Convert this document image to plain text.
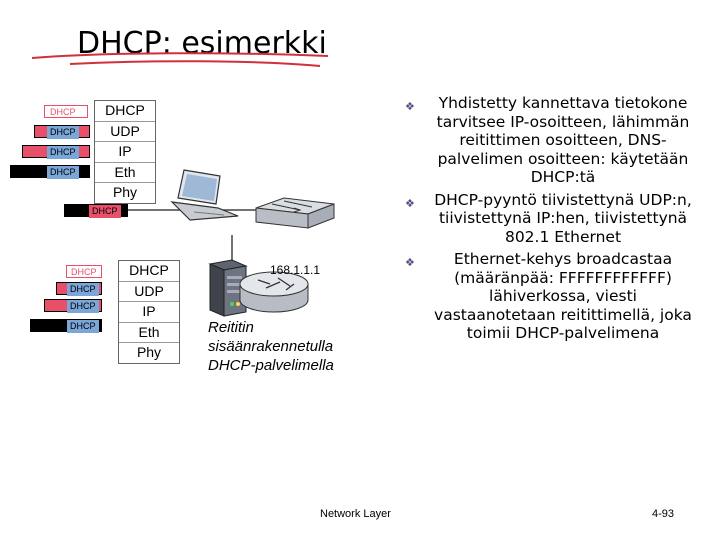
DHCP: esimerkki
DHCP
DHCP
DHCP
DHCP
DHCP
UDP
IP
Eth
Phy
DHCP
DHCP
DHCP
DHCP
DHCP
DHCP
UDP
IP
Eth
Phy
168.1.1.1
Reititin
sisäänrakennetulla
DHCP-palvelimella
❖ Yhdistetty kannettava tietokone tarvitsee IP-osoitteen, lähimmän reitittimen osoitteen, DNS-palvelimen osoitteen: käytetään DHCP:tä
❖ DHCP-pyyntö tiivistettynä UDP:n, tiivistettynä IP:hen, tiivistettynä 802.1 Ethernet
❖	Ethernet-kehys broadcastaa (määränpää: FFFFFFFFFFFF) lähiverkossa, viesti vastaanotetaan reitittimellä, joka toimii DHCP-palvelimena
Network Layer	4-93
